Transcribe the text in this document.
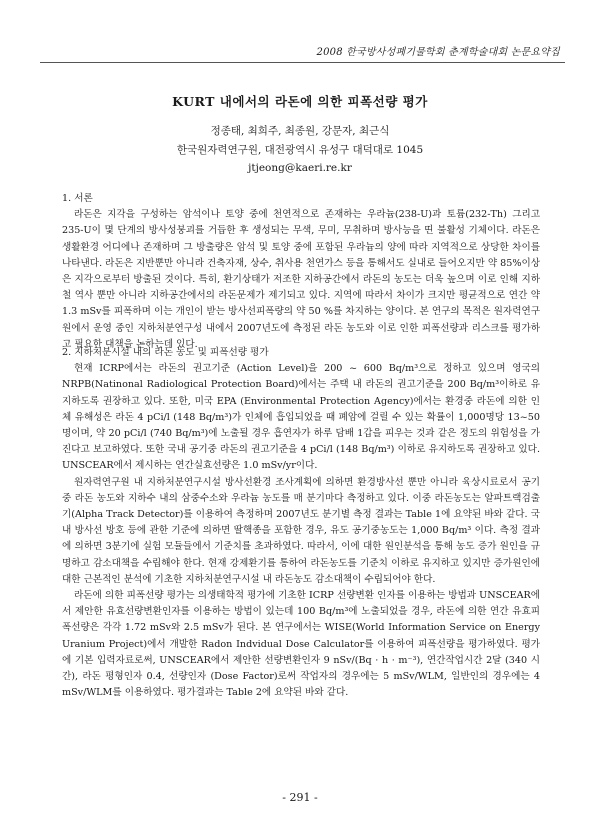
2008 한국방사성폐기물학회 춘계학술대회 논문요약집
KURT 내에서의 라돈에 의한 피폭선량 평가
정종태, 최희주, 최종원, 강문자, 최근식
한국원자력연구원, 대전광역시 유성구 대덕대로 1045
jtjeong@kaeri.re.kr

1. 서론

라돈은 지각을 구성하는 암석이나 토양 중에 천연적으로 존재하는 우라늄(238-U)과 토륨(232-Th) 그리고 235-U이 몇 단계의 방사성붕괴를 거듭한 후 생성되는 무색, 무미, 무취하며 방사능을 띤 불활성 기체이다. 라돈은 생활환경 어디에나 존재하며 그 방출량은 암석 및 토양 중에 포함된 우라늄의 양에 따라 지역적으로 상당한 차이를 나타낸다. 라돈은 지반뿐만 아니라 건축자재, 상수, 취사용 천연가스 등을 통해서도 실내로 들어오지만 약 85%이상은 지각으로부터 방출된 것이다. 특히, 환기상태가 저조한 지하공간에서 라돈의 농도는 더욱 높으며 이로 인해 지하철 역사 뿐만 아니라 지하공간에서의 라돈문제가 제기되고 있다. 지역에 따라서 차이가 크지만 평균적으로 연간 약 1.3 mSv를 피폭하며 이는 개인이 받는 방사선피폭량의 약 50 %를 차지하는 양이다. 본 연구의 목적은 원자력연구원에서 운영 중인 지하처분연구성 내에서 2007년도에 측정된 라돈 농도와 이로 인한 피폭선량과 리스크를 평가하고 필요한 대책을 논하는데 있다.

2. 지하처분시설 내의 라돈 농도 및 피폭선량 평가

현재 ICRP에서는 라돈의 권고기준 (Action Level)을 200 ~ 600 Bq/m³으로 정하고 있으며 영국의 NRPB(Natinonal Radiological Protection Board)에서는 주택 내 라돈의 권고기준을 200 Bq/m³이하로 유지하도록 권장하고 있다. 또한, 미국 EPA (Environmental Protection Agency)에서는 환경중 라돈에 의한 인체 유해성은 라돈 4 pCi/l (148 Bq/m³)가 인체에 흡입되었을 때 폐암에 걸릴 수 있는 확률이 1,000명당 13~50명이며, 약 20 pCi/l (740 Bq/m³)에 노출될 경우 흡연자가 하루 담배 1갑을 피우는 것과 같은 정도의 위험성을 가진다고 보고하였다. 또한 국내 공기중 라돈의 권고기준을 4 pCi/l (148 Bq/m³) 이하로 유지하도록 권장하고 있다. UNSCEAR에서 제시하는 연간실효선량은 1.0 mSv/yr이다.

원자력연구원 내 지하처분연구시설 방사선환경 조사계획에 의하면 환경방사선 뿐만 아니라 육상시료로서 공기중 라돈 농도와 지하수 내의 삼중수소와 우라늄 농도를 매 분기마다 측정하고 있다. 이중 라돈농도는 알파트랙검출기(Alpha Track Detector)를 이용하여 측정하며 2007년도 분기별 측정 결과는 Table 1에 요약된 바와 같다. 국내 방사선 방호 등에 관한 기준에 의하면 딸핵종을 포함한 경우, 유도 공기중농도는 1,000 Bq/m³ 이다. 측정 결과에 의하면 3분기에 실험 모듈들에서 기준치를 초과하였다. 따라서, 이에 대한 원인분석을 통해 농도 증가 원인을 규명하고 감소대책을 수립해야 한다. 현재 강제환기를 통하여 라돈농도를 기준치 이하로 유지하고 있지만 증가원인에 대한 근본적인 분석에 기초한 지하처분연구시설 내 라돈농도 감소대책이 수립되어야 한다.

라돈에 의한 피폭선량 평가는 의생태학적 평가에 기초한 ICRP 선량변환 인자를 이용하는 방법과 UNSCEAR에서 제안한 유효선량변환인자를 이용하는 방법이 있는데 100 Bq/m³에 노출되었을 경우, 라돈에 의한 연간 유효피폭선량은 각각 1.72 mSv와 2.5 mSv가 된다. 본 연구에서는 WISE(World Information Service on Energy Uranium Project)에서 개발한 Radon Indvidual Dose Calculator를 이용하여 피폭선량을 평가하였다. 평가에 기본 입력자료로써, UNSCEAR에서 제안한 선량변환인자 9 nSv/(Bq · h · m⁻³), 연간작업시간 2달 (340 시간), 라돈 평형인자 0.4, 선량인자 (Dose Factor)로써 작업자의 경우에는 5 mSv/WLM, 일반인의 경우에는 4 mSv/WLM를 이용하였다. 평가결과는 Table 2에 요약된 바와 같다.

- 291 -
